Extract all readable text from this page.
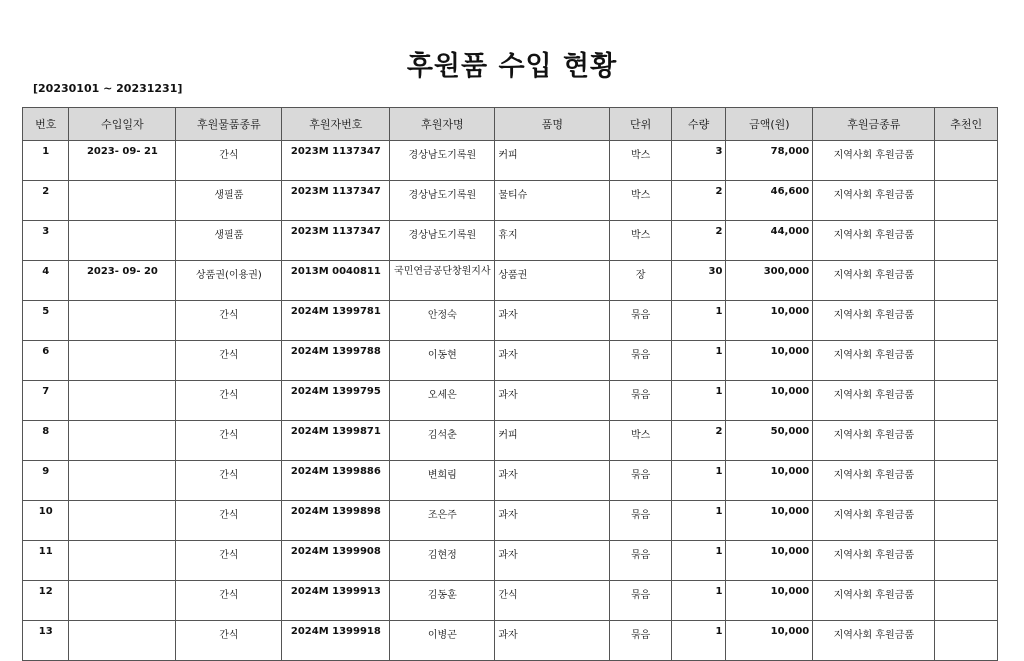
후원품 수입 현황
[20230101 ~ 20231231]
번호	수입일자	후원물품종류	후원자번호	후원자명	품명	단위	수량	금액(원)	후원금종류	추천인
1	2023- 09- 21	간식	2023M 1137347	경상남도기록원	커피	박스	3	78,000	지역사회 후원금품	
2		생필품	2023M 1137347	경상남도기록원	물티슈	박스	2	46,600	지역사회 후원금품	
3		생필품	2023M 1137347	경상남도기록원	휴지	박스	2	44,000	지역사회 후원금품	
4	2023- 09- 20	상품권(이용권)	2013M 0040811	국민연금공단창원지사	상품권	장	30	300,000	지역사회 후원금품	
5		간식	2024M 1399781	안정숙	과자	묶음	1	10,000	지역사회 후원금품	
6		간식	2024M 1399788	이동현	과자	묶음	1	10,000	지역사회 후원금품	
7		간식	2024M 1399795	오세은	과자	묶음	1	10,000	지역사회 후원금품	
8		간식	2024M 1399871	김석춘	커피	박스	2	50,000	지역사회 후원금품	
9		간식	2024M 1399886	변희림	과자	묶음	1	10,000	지역사회 후원금품	
10		간식	2024M 1399898	조은주	과자	묶음	1	10,000	지역사회 후원금품	
11		간식	2024M 1399908	김현정	과자	묶음	1	10,000	지역사회 후원금품	
12		간식	2024M 1399913	김동훈	간식	묶음	1	10,000	지역사회 후원금품	
13		간식	2024M 1399918	이병곤	과자	묶음	1	10,000	지역사회 후원금품	
